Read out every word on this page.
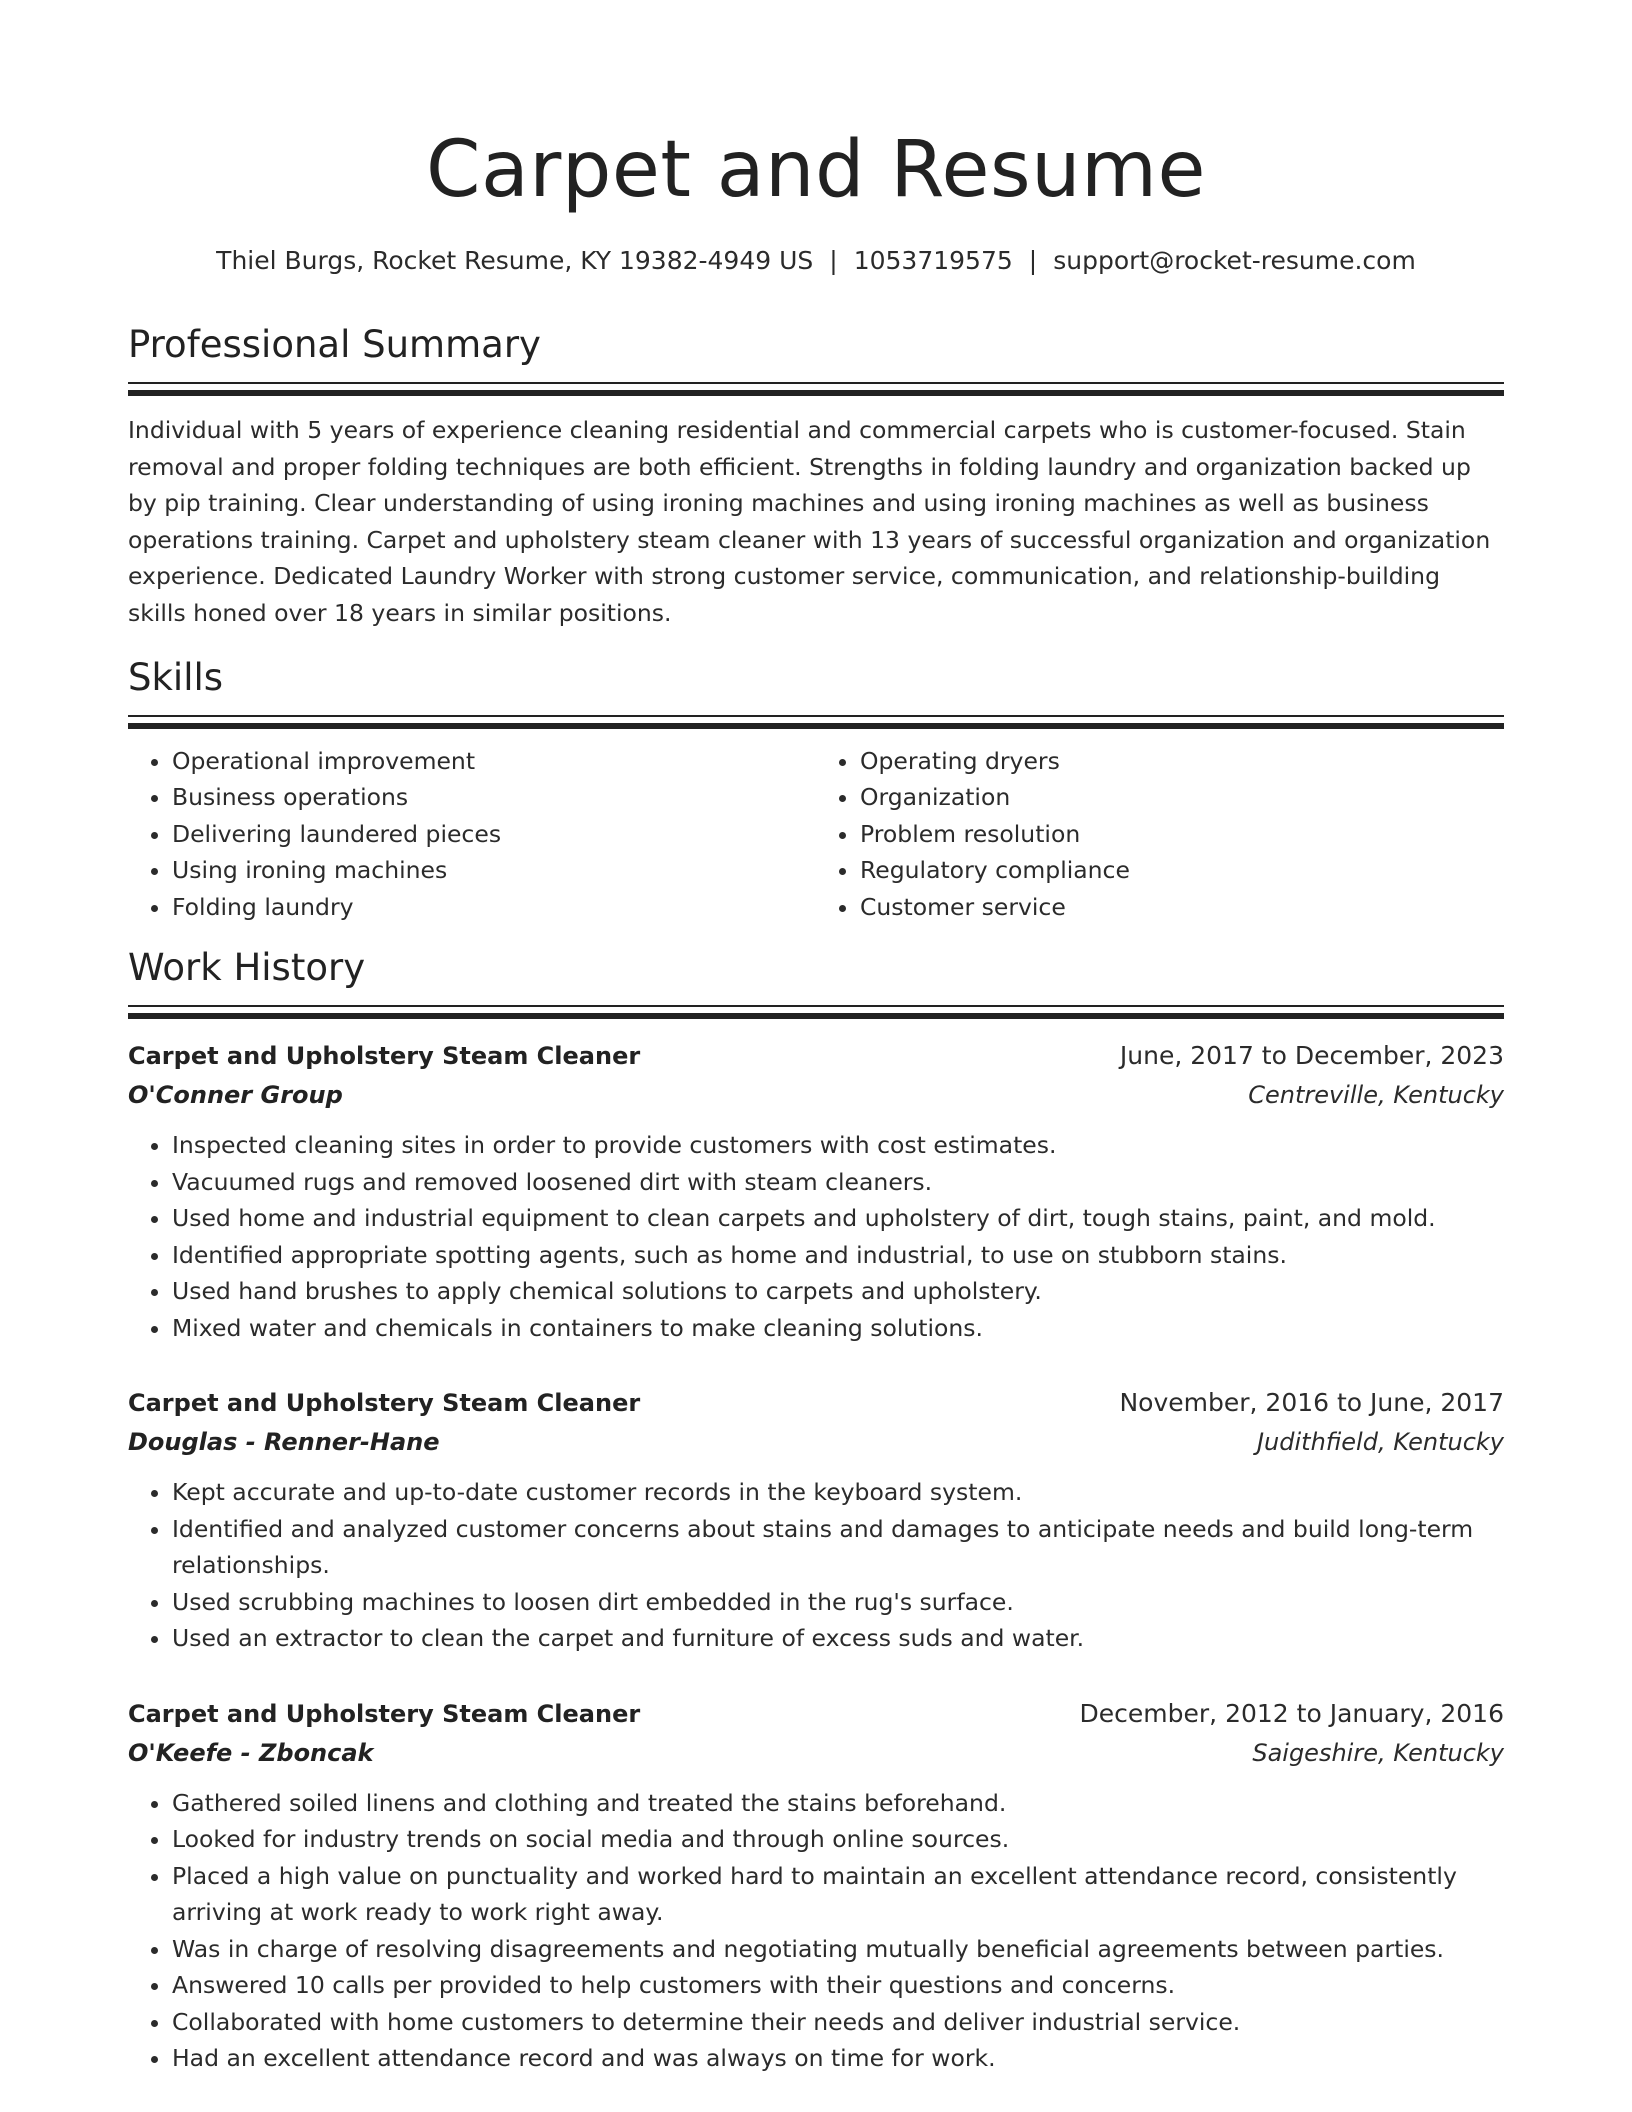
Carpet and Resume
Thiel Burgs, Rocket Resume, KY 19382-4949 US | 1053719575 | support@rocket-resume.com
Professional Summary

Individual with 5 years of experience cleaning residential and commercial carpets who is customer-focused. Stain removal and proper folding techniques are both efficient. Strengths in folding laundry and organization backed up by pip training. Clear understanding of using ironing machines and using ironing machines as well as business operations training. Carpet and upholstery steam cleaner with 13 years of successful organization and organization experience. Dedicated Laundry Worker with strong customer service, communication, and relationship-building skills honed over 18 years in similar positions.

Skills
• Operational improvement
• Business operations
• Delivering laundered pieces
• Using ironing machines
• Folding laundry
• Operating dryers
• Organization
• Problem resolution
• Regulatory compliance
• Customer service
Work History
Carpet and Upholstery Steam Cleaner	June, 2017 to December, 2023
O'Conner Group	Centreville, Kentucky
• Inspected cleaning sites in order to provide customers with cost estimates.
• Vacuumed rugs and removed loosened dirt with steam cleaners.
• Used home and industrial equipment to clean carpets and upholstery of dirt, tough stains, paint, and mold.
• Identified appropriate spotting agents, such as home and industrial, to use on stubborn stains.
• Used hand brushes to apply chemical solutions to carpets and upholstery.
• Mixed water and chemicals in containers to make cleaning solutions.
Carpet and Upholstery Steam Cleaner	November, 2016 to June, 2017
Douglas - Renner-Hane	Judithfield, Kentucky
• Kept accurate and up-to-date customer records in the keyboard system.
• Identified and analyzed customer concerns about stains and damages to anticipate needs and build long-term relationships.
• Used scrubbing machines to loosen dirt embedded in the rug's surface.
• Used an extractor to clean the carpet and furniture of excess suds and water.
Carpet and Upholstery Steam Cleaner	December, 2012 to January, 2016
O'Keefe - Zboncak	Saigeshire, Kentucky
• Gathered soiled linens and clothing and treated the stains beforehand.
• Looked for industry trends on social media and through online sources.
• Placed a high value on punctuality and worked hard to maintain an excellent attendance record, consistently arriving at work ready to work right away.
• Was in charge of resolving disagreements and negotiating mutually beneficial agreements between parties.
• Answered 10 calls per provided to help customers with their questions and concerns.
• Collaborated with home customers to determine their needs and deliver industrial service.
• Had an excellent attendance record and was always on time for work.
